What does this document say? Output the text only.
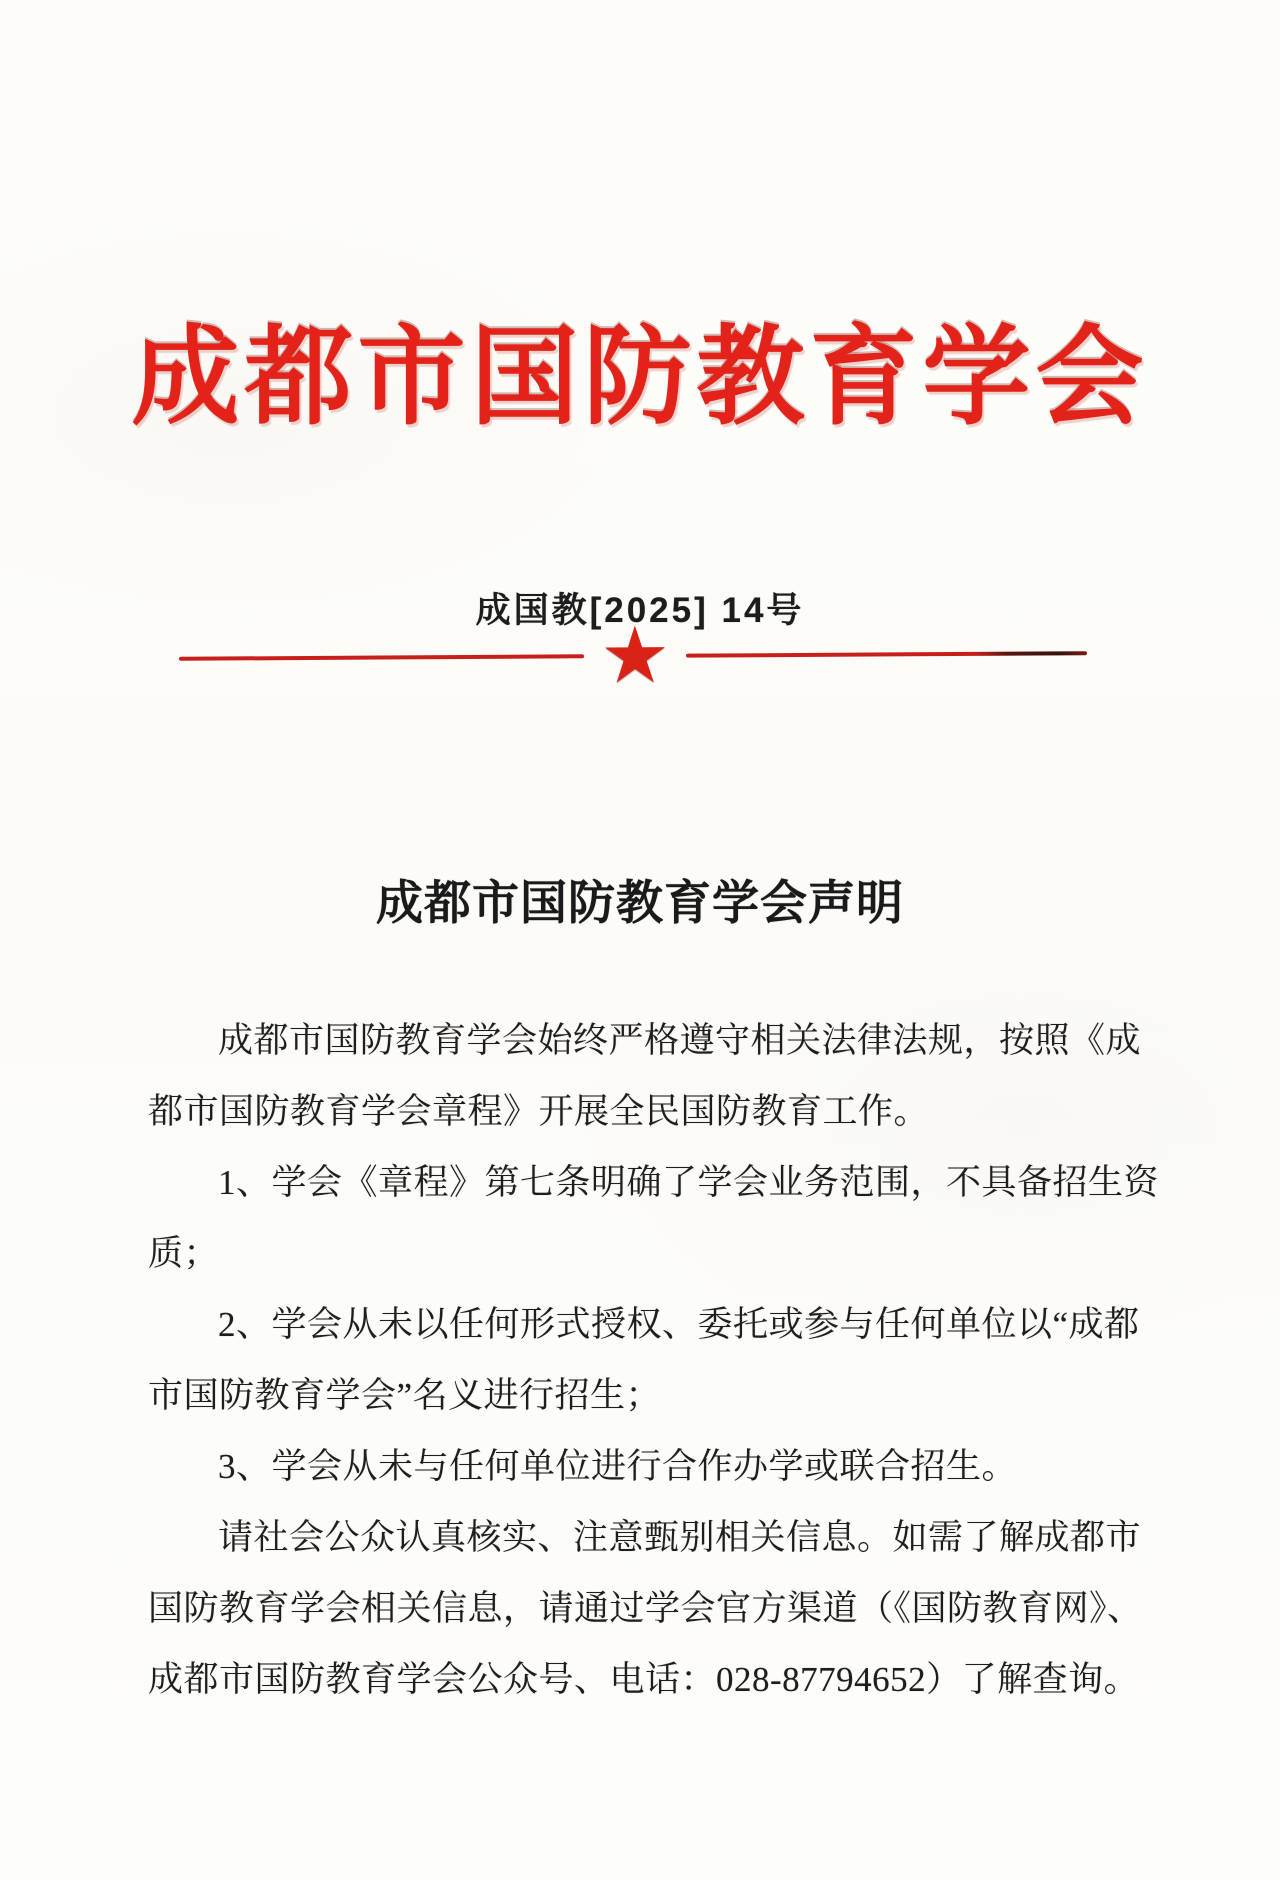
成都市国防教育学会
成国教[2025] 14号
★
成都市国防教育学会声明
成都市国防教育学会始终严格遵守相关法律法规，按照《成
都市国防教育学会章程》开展全民国防教育工作。
1、学会《章程》第七条明确了学会业务范围，不具备招生资
质；
2、学会从未以任何形式授权、委托或参与任何单位以“成都
市国防教育学会”名义进行招生；
3、学会从未与任何单位进行合作办学或联合招生。
请社会公众认真核实、注意甄别相关信息。如需了解成都市
国防教育学会相关信息，请通过学会官方渠道（《国防教育网》、
成都市国防教育学会公众号、电话：028-87794652）了解查询。
